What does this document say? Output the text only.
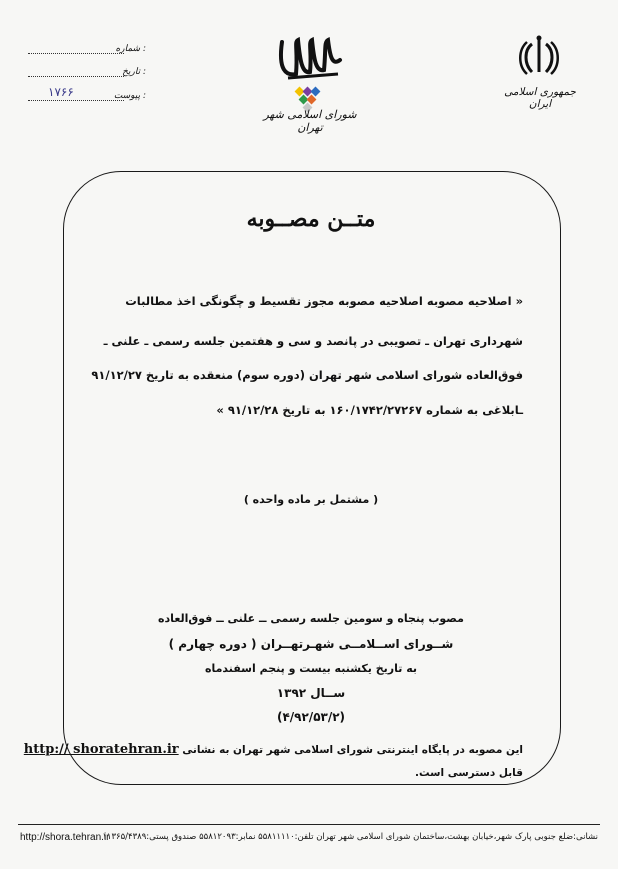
شماره :
تاریخ :
پیوست :
۱۷۶۶
شورای اسلامی شهر تهران
جمهوری اسلامی ایران
متــن مصــوبه
« اصلاحیه مصوبه اصلاحیه مصوبه مجوز تقسیط و چگونگی اخذ مطالبات
شهرداری تهران ـ تصویبی در پانصد و سی و هفتمین جلسه رسمی ـ علنی ـ
فوق‌العاده شورای اسلامی شهر تهران (دوره سوم) منعقده به تاریخ ۹۱/۱۲/۲۷
ـابلاغی به شماره ۱۶۰/۱۷۴۲/۲۷۲۶۷ به تاریخ ۹۱/۱۲/۲۸ »
( مشتمل بر ماده واحده )
مصوب پنجاه و سومین جلسه رسمی ــ علنی ــ فوق‌العاده
شــورای اســلامــی شهـرتهــران ( دوره چهارم )
به تاریخ یکشنبه بیست و پنجم اسفندماه
ســال ۱۳۹۲
(۴/۹۲/۵۳/۲)
این مصوبه در پایگاه اینترنتی شورای اسلامی شهر تهران به نشانی http:// shoratehran.ir
قابل دسترسی است.
http://shora.tehran.ir
نشانی:ضلع جنوبی پارک شهر،خیابان بهشت،ساختمان شورای اسلامی شهر تهران تلفن:۵۵۸۱۱۱۱۰ نمابر:۵۵۸۱۲۰۹۳ صندوق پستی:۱۱۳۶۵/۴۳۸۹
